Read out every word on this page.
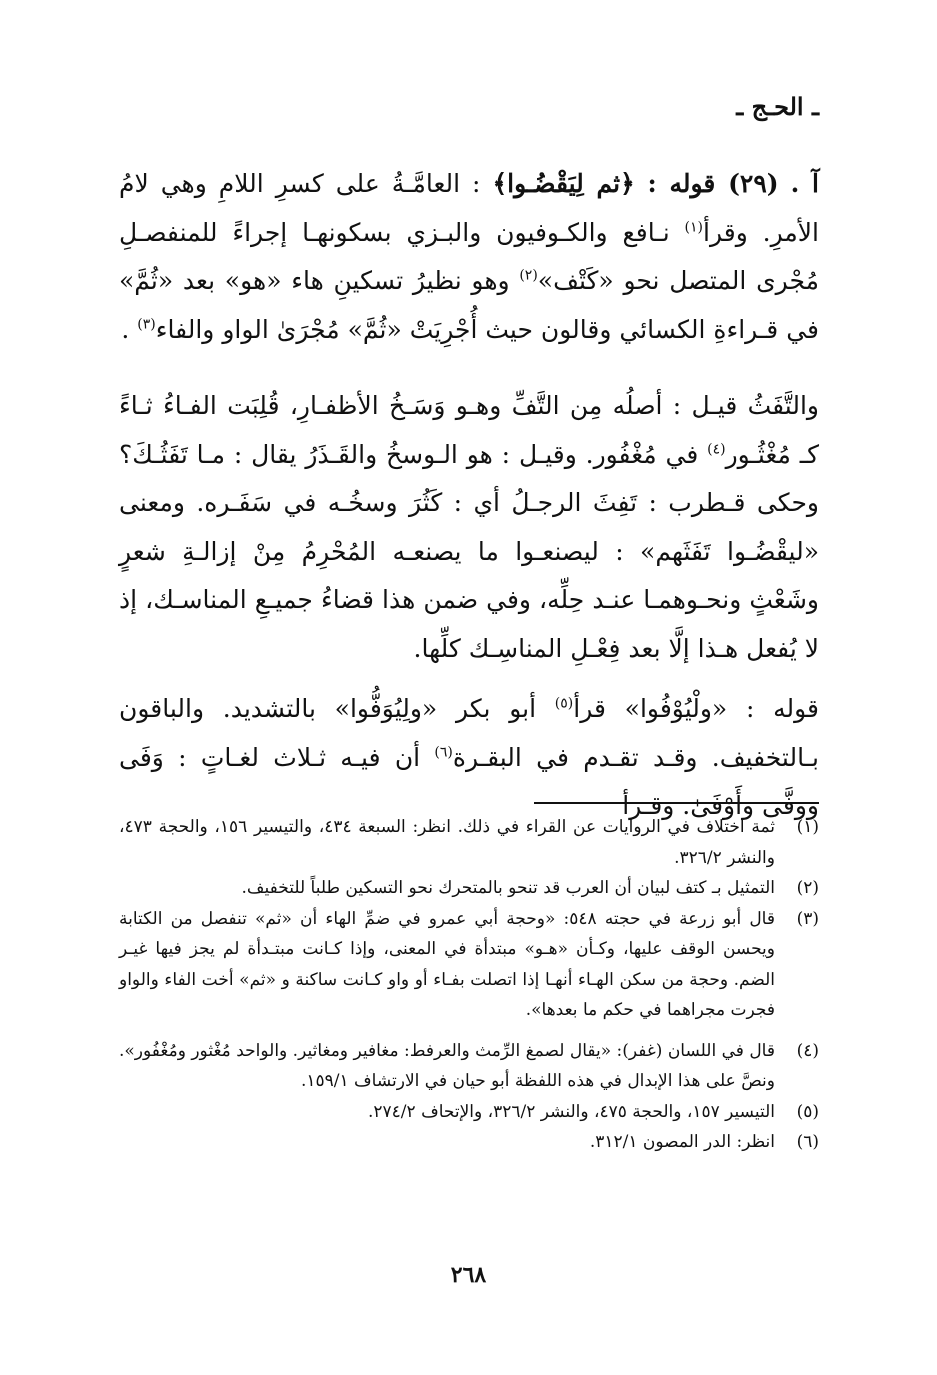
ـ الحـج ـ

آ . (٢٩) قوله : ﴿ثم لِيَقْضُـوا﴾ : العامَّـةُ على كسرِ اللامِ وهي لامُ الأمرِ. وقرأ$^{(١)}$ نـافع والكـوفيون والبـزي بسكونهـا إجراءً للمنفصـلِ مُجْرى المتصل نحو «كَتْف»$^{(٢)}$ وهو نظيرُ تسكينِ هاء «هو» بعد «ثُمَّ» في قـراءةِ الكسائي وقالون حيث أُجْرِيَتْ «ثُمَّ» مُجْرَىٰ الواو والفاء$^{(٣)}$ .

والتَّفَثُ قيـل : أصلُه مِن التَّفِّ وهـو وَسَـخُ الأظفـارِ، قُلِبَت الفـاءُ ثـاءً كـ مُغْثُـور$^{(٤)}$ في مُغْفُور. وقيـل : هو الـوسخُ والقَـذَرُ يقال : مـا تَفَثُـكَ؟ وحكى قـطرب : تَفِثَ الرجـلُ أي : كَثُرَ وسخُـه في سَفَـره. ومعنى «ليقْضُـوا تَفَثَهم» : ليصنعـوا ما يصنعـه المُحْرِمُ مِنْ إزالـةِ شعرٍ وشَعْثٍ ونحـوهمـا عنـد حِلِّه، وفي ضمن هذا قضاءُ جميـعِ المناسـك، إذ لا يُفعل هـذا إلَّا بعد فِعْـلِ المناسِـك كلِّها.

قوله : «ولْيُوْفُوا» قرأ$^{(٥)}$ أبو بكر «ولِيُوَفُّوا» بالتشديد. والباقون بـالتخفيف. وقـد تقـدم في البقـرة$^{(٦)}$ أن فيـه ثـلاث لغـاتٍ : وَفَى ووفَّى وأَوْفَىٰ. وقـرأ

(١)
ثمة اختلاف في الروايات عن القراء في ذلك. انظر: السبعة ٤٣٤، والتيسير ١٥٦، والحجة ٤٧٣، والنشر ٣٢٦/٢.
(٢)
التمثيل بـ كتف لبيان أن العرب قد تنحو بالمتحرك نحو التسكين طلباً للتخفيف.
(٣)
قال أبو زرعة في حجته ٥٤٨: «وحجة أبي عمرو في ضمِّ الهاء أن «ثم» تنفصل من الكتابة ويحسن الوقف عليها، وكـأن «هـو» مبتدأة في المعنى، وإذا كـانت مبتـدأة لم يجز فيها غيـر الضم. وحجة من سكن الهـاء أنهـا إذا اتصلت بفـاء أو واو كـانت ساكنة و «ثم» أخت الفاء والواو فجرت مجراهما في حكم ما بعدها».
(٤)
قال في اللسان (غفر): «يقال لصمغ الرِّمث والعرفط: مغافير ومغاثير. والواحد مُغْثور ومُغْفُور». ونصَّ على هذا الإبدال في هذه اللفظة أبو حيان في الارتشاف ١٥٩/١.
(٥)
التيسير ١٥٧، والحجة ٤٧٥، والنشر ٣٢٦/٢، والإتحاف ٢٧٤/٢.
(٦)
انظر: الدر المصون ٣١٢/١.
٢٦٨
